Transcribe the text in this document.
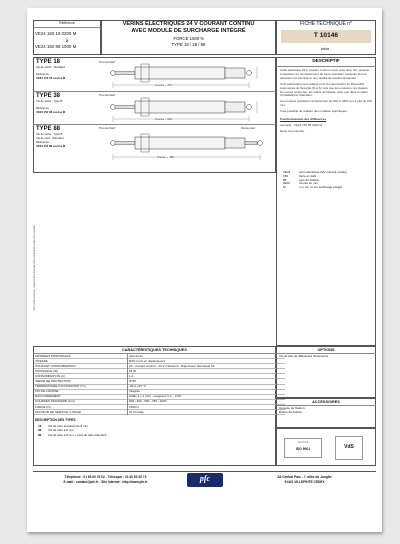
Référence
VE24 150 18 0200 M
à
VE24 150 88 1000 M
VÉRINS ÉLECTRIQUES 24 V COURANT CONTINU
AVEC MODULE DE SURCHARGE INTÉGRÉ
FORCE 1500 N
TYPE 18 / 38 / 88
FICHE TECHNIQUE n°
T 10146
indice :
TYPE 18
Vis de sortie : Standard
Référence :
VE24 150 18 course M
Trou de fixat°
Course + 470
TYPE 38
Vis de sortie : Type B
Référence :
VE24 150 38 course M
Trou de fixat°
Course + 630
TYPE 88
Vis de sortie : Type B
Vis de pied : Standard
Référence :
VE24 150 88 course M
Trou de fixat°	Vis de pied
Course + 490
DESCRIPTIF

Cette électrique 24 V courant continu conçu pour tenir, lier, pousser et déplacer en remplacement de toute opération manuelle tout en assurant une sécurité et une qualité de travail constantes.

Il est particulièrement adapté pour la motorisation de Dispositifs Autonomes de Sécurité (D.A.S.) tels que les exutoires, les clapets, les portes coupe-feu, les volets de façade, ainsi que dans le cadre d'installations d'aération.

Les courses standard s'échelonnent de 200 à 1000 mm à pas de 100 mm.

Il est possible de réaliser des modèles spécifiques.

Fonctionnement des différences

exemple : VE24 150 88 0200 M

Dans cet exemple :

VE24	vérin électrique 24V courant continu
150	force en daN
88	type de fixation
0200	course en mm
M	m o d u l e d e surcharge intégré
Tous droits réservés. Reproduction interdite sans autorisation écrite de la société
CARACTÉRISTIQUES TECHNIQUES
MATIÈRES PRINCIPALES	Aluminium
VITESSE	8/10 mm/s en déplacement
COURANT CONSOMMATION	2A - courant continu - 24 V maximum - Disjoncteur thermique 5A
PUISSANCE (W)	24 W
CONSOMMATION (A)	1 A
INDICE DE PROTECTION	IP 65
TEMPÉRATURE D'UTILISATION (°C)	-20 à +60 °C
FIN DE COURSE	Intégrée
RACCORDEMENT	Câble 2 x 1 mm² - Longueur 1 m - 3 PP
COURSES STANDARD (mm)	200 - 300 - 500 - 750 - 1000
FORCE (N)	1500 N
FACTEUR DE SERVICE / USAGE	10 % limité
DESCRIPTION DES TYPES
18 Vis de tube standard de 8 mm
38 Vis de tube à 8 mm
88 Vis de tube à 8 mm + pied de tube standard
OPTIONS
Vis de tête de différentes dimensions
ACCESSOIRES
Console de fixation
Étriers de fixation
CERTIFIÉ
ISO 9001	VdS
Téléphone : 01 60 60 76 02 - Télécopie : 01 60 60 29 73
E-mail : contact@pfc.fr - Site Internet : http://www.pfc.fr	pfc	ZA Central Parc - 7, allée du Jungfer
91421 VILLEPINTE CEDEX
